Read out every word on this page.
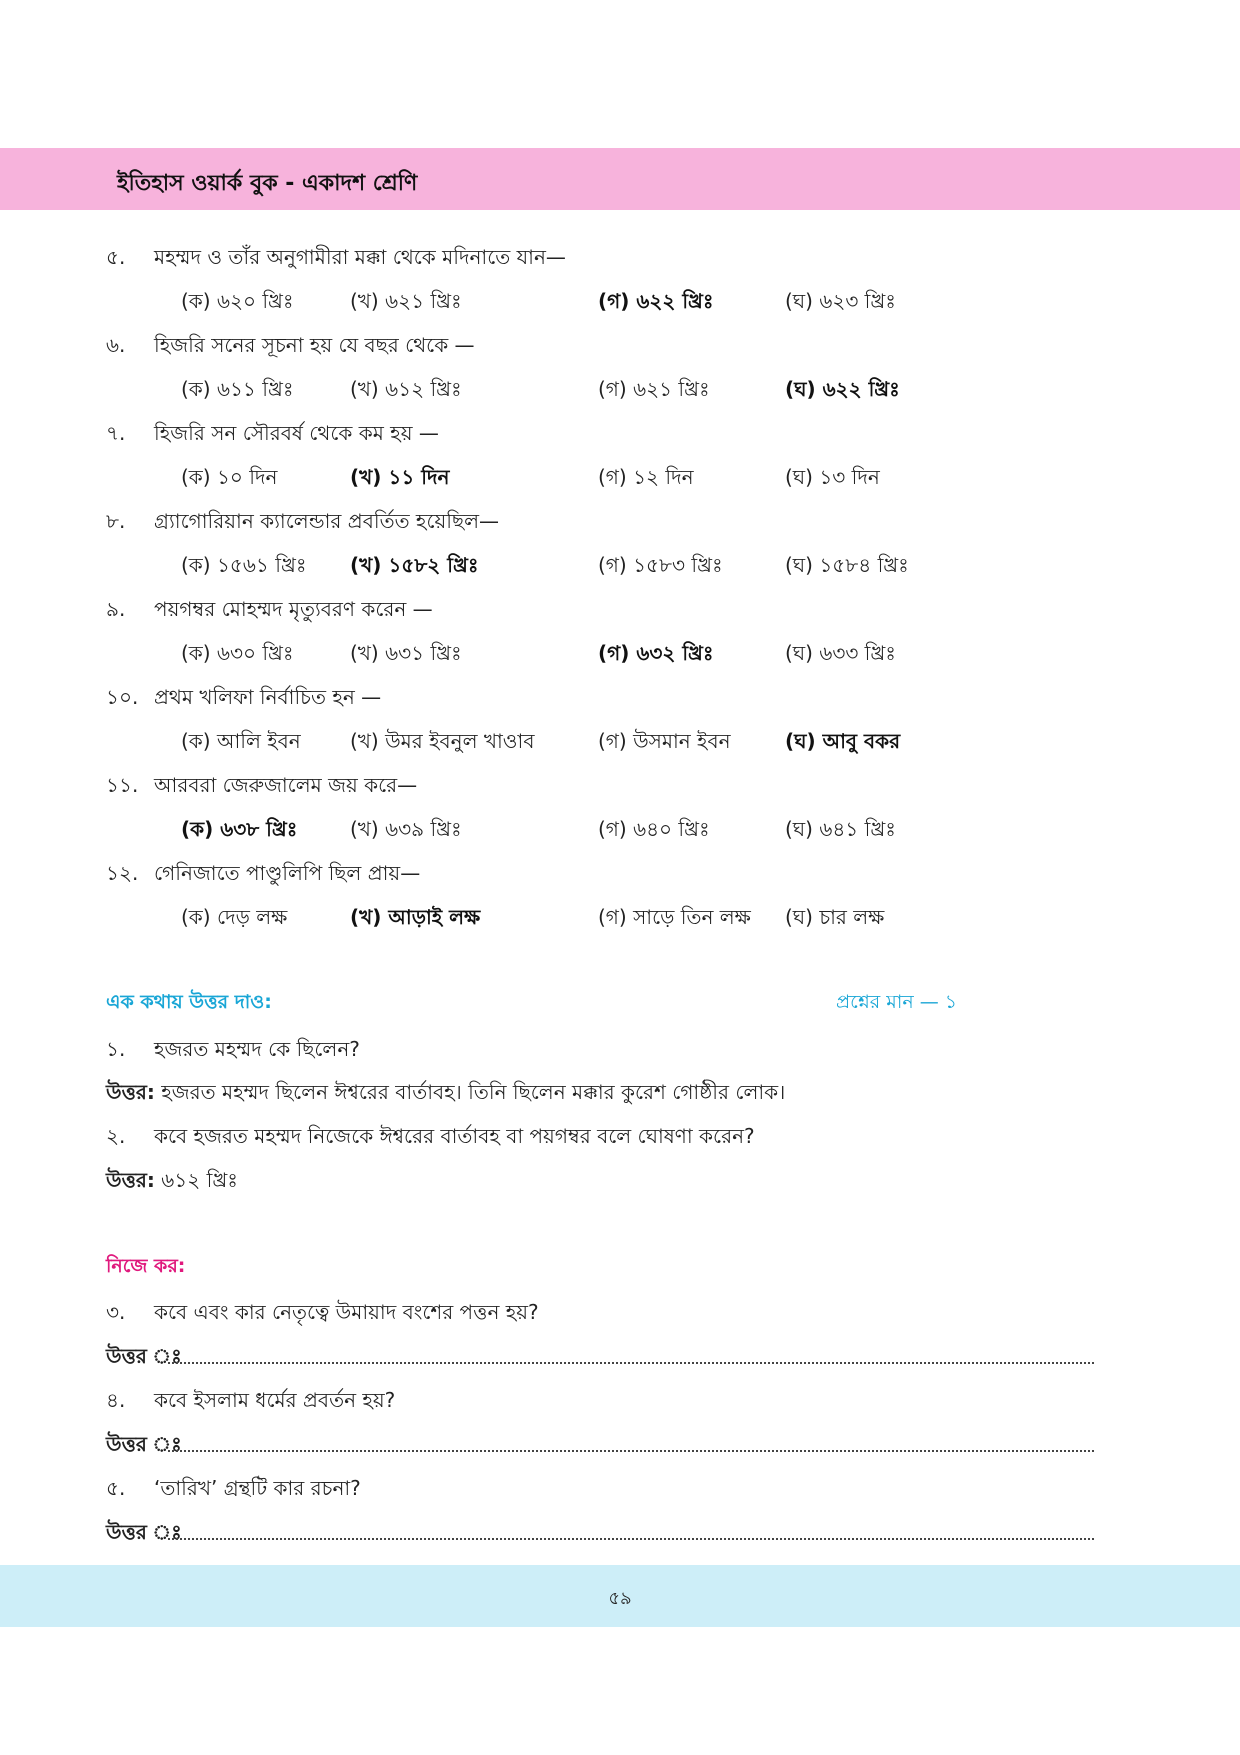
ইতিহাস ওয়ার্ক বুক - একাদশ শ্রেণি
৫. মহম্মদ ও তাঁর অনুগামীরা মক্কা থেকে মদিনাতে যান—
(ক) ৬২০ খ্রিঃ	(খ) ৬২১ খ্রিঃ	(গ) ৬২২ খ্রিঃ	(ঘ) ৬২৩ খ্রিঃ
৬. হিজরি সনের সূচনা হয় যে বছর থেকে —
(ক) ৬১১ খ্রিঃ	(খ) ৬১২ খ্রিঃ	(গ) ৬২১ খ্রিঃ	(ঘ) ৬২২ খ্রিঃ
৭. হিজরি সন সৌরবর্ষ থেকে কম হয় —
(ক) ১০ দিন	(খ) ১১ দিন	(গ) ১২ দিন	(ঘ) ১৩ দিন
৮. গ্র্যাগোরিয়ান ক্যালেন্ডার প্রবর্তিত হয়েছিল—
(ক) ১৫৬১ খ্রিঃ (খ) ১৫৮২ খ্রিঃ	(গ) ১৫৮৩ খ্রিঃ	(ঘ) ১৫৮৪ খ্রিঃ
৯. পয়গম্বর মোহম্মদ মৃত্যুবরণ করেন —
(ক) ৬৩০ খ্রিঃ	(খ) ৬৩১ খ্রিঃ	(গ) ৬৩২ খ্রিঃ	(ঘ) ৬৩৩ খ্রিঃ
১০. প্রথম খলিফা নির্বাচিত হন —
(ক) আলি ইবন (খ) উমর ইবনুল খাওাব	(গ) উসমান ইবন	(ঘ) আবু বকর
১১. আরবরা জেরুজালেম জয় করে—
(ক) ৬৩৮ খ্রিঃ	(খ) ৬৩৯ খ্রিঃ	(গ) ৬৪০ খ্রিঃ	(ঘ) ৬৪১ খ্রিঃ
১২. গেনিজাতে পাণ্ডুলিপি ছিল প্রায়—
(ক) দেড় লক্ষ	(খ) আড়াই লক্ষ	(গ) সাড়ে তিন লক্ষ (ঘ) চার লক্ষ
এক কথায় উত্তর দাও:	প্রশ্নের মান — ১
১. হজরত মহম্মদ কে ছিলেন?
উত্তর: হজরত মহম্মদ ছিলেন ঈশ্বরের বার্তাবহ। তিনি ছিলেন মক্কার কুরেশ গোষ্ঠীর লোক।
২. কবে হজরত মহম্মদ নিজেকে ঈশ্বরের বার্তাবহ বা পয়গম্বর বলে ঘোষণা করেন?
উত্তর: ৬১২ খ্রিঃ
নিজে কর:
৩. কবে এবং কার নেতৃত্বে উমায়াদ বংশের পত্তন হয়?
উত্তর ঃ
৪. কবে ইসলাম ধর্মের প্রবর্তন হয়?
উত্তর ঃ
৫. ‘তারিখ’ গ্রন্থটি কার রচনা?
উত্তর ঃ
৫৯
